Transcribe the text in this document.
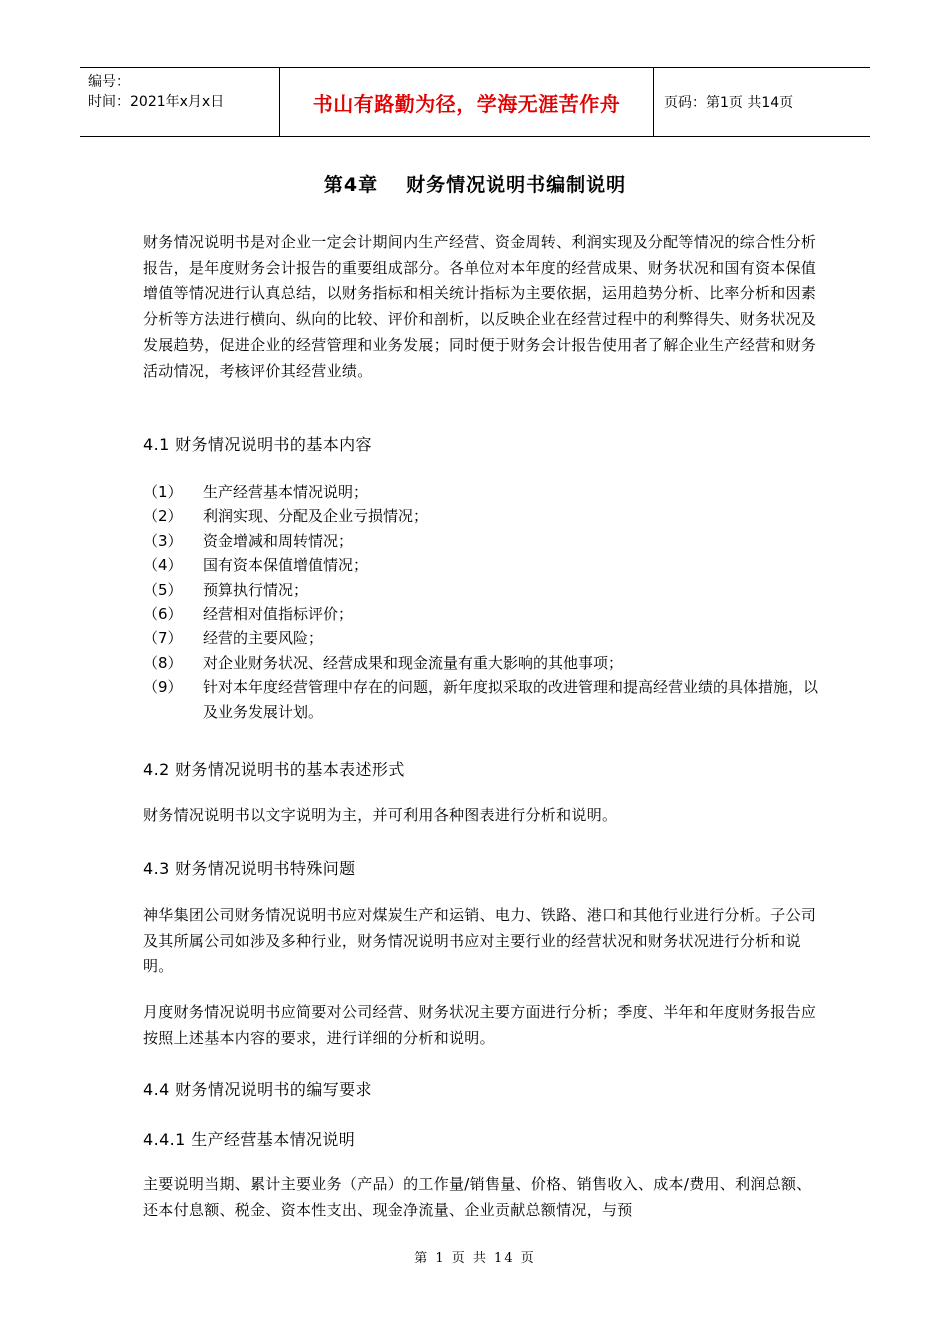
编号：
时间：2021年x月x日	书山有路勤为径，学海无涯苦作舟	页码：第1页 共14页
第4章 财务情况说明书编制说明
财务情况说明书是对企业一定会计期间内生产经营、资金周转、利润实现及分配等情况的综合性分析报告，是年度财务会计报告的重要组成部分。各单位对本年度的经营成果、财务状况和国有资本保值增值等情况进行认真总结，以财务指标和相关统计指标为主要依据，运用趋势分析、比率分析和因素分析等方法进行横向、纵向的比较、评价和剖析，以反映企业在经营过程中的利弊得失、财务状况及发展趋势，促进企业的经营管理和业务发展；同时便于财务会计报告使用者了解企业生产经营和财务活动情况，考核评价其经营业绩。
4.1 财务情况说明书的基本内容
（1）	生产经营基本情况说明；
（2）	利润实现、分配及企业亏损情况；
（3）	资金增减和周转情况；
（4）	国有资本保值增值情况；
（5）	预算执行情况；
（6）	经营相对值指标评价；
（7）	经营的主要风险；
（8）	对企业财务状况、经营成果和现金流量有重大影响的其他事项；
（9）	针对本年度经营管理中存在的问题，新年度拟采取的改进管理和提高经营业绩的具体措施，以及业务发展计划。
4.2 财务情况说明书的基本表述形式
财务情况说明书以文字说明为主，并可利用各种图表进行分析和说明。
4.3 财务情况说明书特殊问题
神华集团公司财务情况说明书应对煤炭生产和运销、电力、铁路、港口和其他行业进行分析。子公司及其所属公司如涉及多种行业，财务情况说明书应对主要行业的经营状况和财务状况进行分析和说明。
月度财务情况说明书应简要对公司经营、财务状况主要方面进行分析；季度、半年和年度财务报告应按照上述基本内容的要求，进行详细的分析和说明。
4.4 财务情况说明书的编写要求
4.4.1 生产经营基本情况说明
主要说明当期、累计主要业务（产品）的工作量/销售量、价格、销售收入、成本/费用、利润总额、还本付息额、税金、资本性支出、现金净流量、企业贡献总额情况，与预
第 1 页 共 14 页
